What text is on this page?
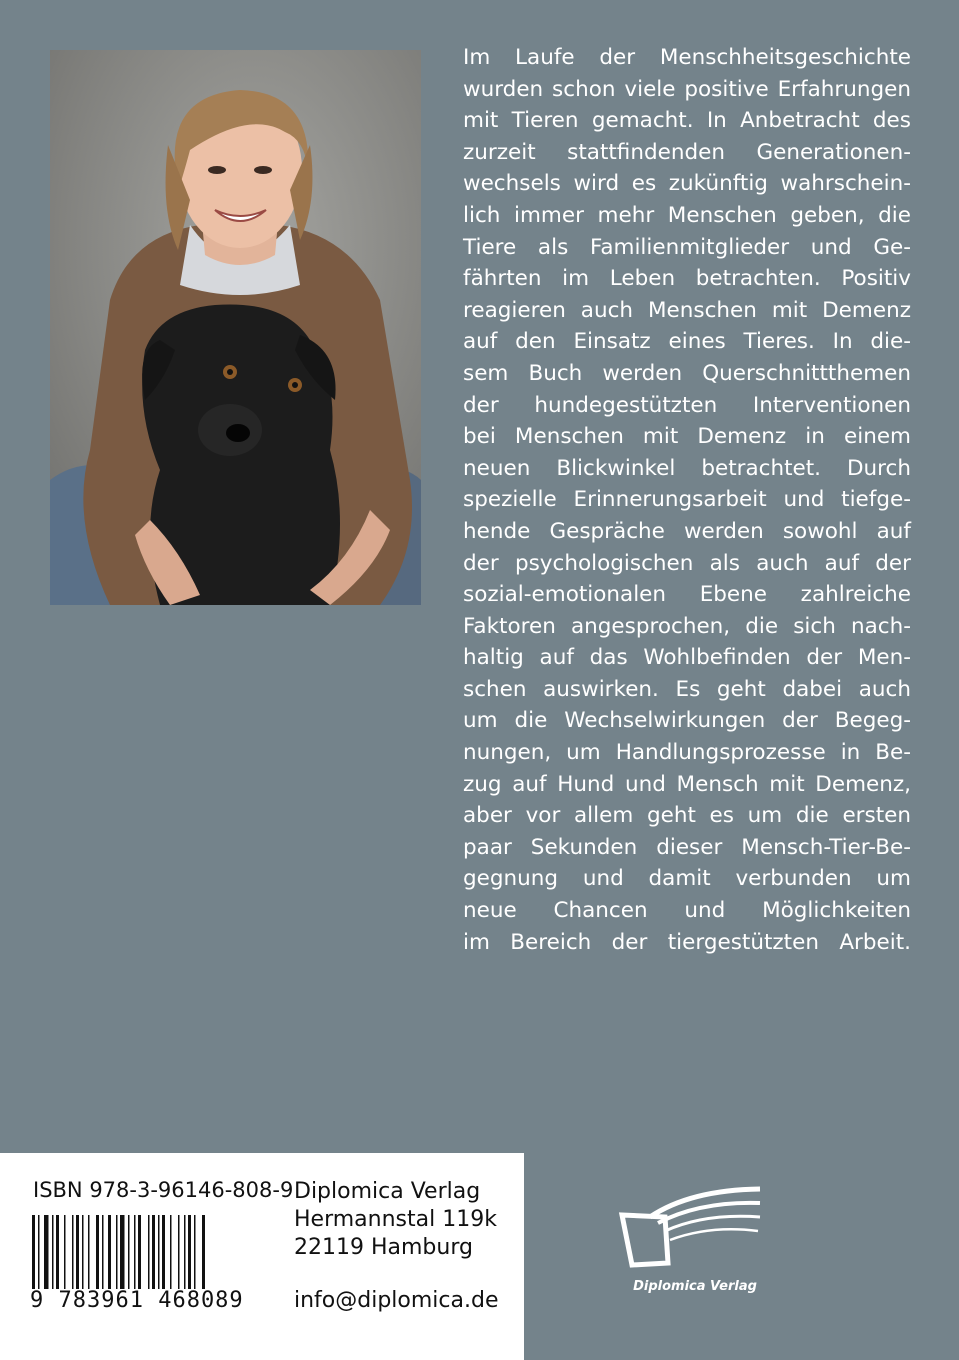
Im Laufe der Menschheitsgeschichte
wurden schon viele positive Erfahrungen
mit Tieren gemacht. In Anbetracht des
zurzeit stattfindenden Generationen-
wechsels wird es zukünftig wahrschein-
lich immer mehr Menschen geben, die
Tiere als Familienmitglieder und Ge-
fährten im Leben betrachten. Positiv
reagieren auch Menschen mit Demenz
auf den Einsatz eines Tieres. In die-
sem Buch werden Querschnittthemen
der hundegestützten Interventionen
bei Menschen mit Demenz in einem
neuen Blickwinkel betrachtet. Durch
spezielle Erinnerungsarbeit und tiefge-
hende Gespräche werden sowohl auf
der psychologischen als auch auf der
sozial-emotionalen Ebene zahlreiche
Faktoren angesprochen, die sich nach-
haltig auf das Wohlbefinden der Men-
schen auswirken. Es geht dabei auch
um die Wechselwirkungen der Begeg-
nungen, um Handlungsprozesse in Be-
zug auf Hund und Mensch mit Demenz,
aber vor allem geht es um die ersten
paar Sekunden dieser Mensch-Tier-Be-
gegnung und damit verbunden um
neue Chancen und Möglichkeiten
im Bereich der tiergestützten Arbeit.
ISBN 978-3-96146-808-9
9 783961 468089
Diplomica Verlag
Hermannstal 119k
22119 Hamburg
info@diplomica.de
Diplomica Verlag
